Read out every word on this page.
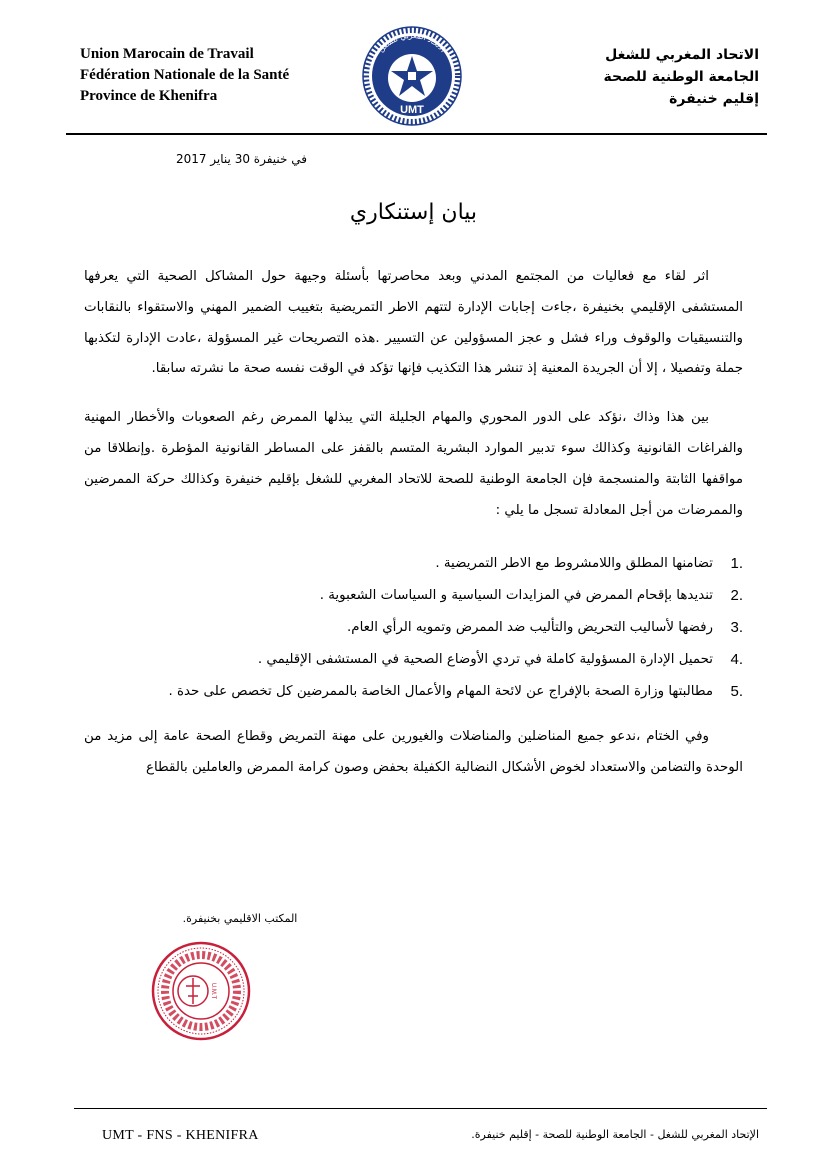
Union Marocain de Travail
Fédération Nationale de la Santé
Province de Khenifra
الاتحاد المغربي للشغل
UMT
الاتحاد المغربي للشغل
الجامعة الوطنية للصحة
إقليم خنيفرة
في خنيفرة 30 يناير 2017
بيان إستنكاري

اثر لقاء مع فعاليات من المجتمع المدني وبعد محاصرتها بأسئلة وجيهة حول المشاكل الصحية التي يعرفها المستشفى الإقليمي بخنيفرة ،جاءت إجابات الإدارة لتتهم الاطر التمريضية بتغييب الضمير المهني والاستقواء بالنقابات والتنسيقيات والوقوف وراء فشل و عجز المسؤولين عن التسيير .هذه التصريحات غير المسؤولة ،عادت الإدارة لتكذبها جملة وتفصيلا ، إلا أن الجريدة المعنية إذ تنشر هذا التكذيب فإنها تؤكد في الوقت نفسه صحة ما نشرته سابقا.

بين هذا وذاك ،نؤكد على الدور المحوري والمهام الجليلة التي يبذلها الممرض رغم الصعوبات والأخطار المهنية والفراغات القانونية وكذالك سوء تدبير الموارد البشرية المتسم بالقفز على المساطر القانونية المؤطرة .وإنطلاقا من مواقفها الثابتة والمنسجمة فإن الجامعة الوطنية للصحة للاتحاد المغربي للشغل بإقليم خنيفرة وكذالك حركة الممرضين والممرضات من أجل المعادلة تسجل ما يلي :

1.
تضامنها المطلق واللامشروط مع الاطر التمريضية .
2.
تنديدها بإقحام الممرض في المزايدات السياسية و السياسات الشعبوية .
3.
رفضها لأساليب التحريض والتأليب ضد الممرض وتمويه الرأي العام.
4.
تحميل الإدارة المسؤولية كاملة في تردي الأوضاع الصحية في المستشفى الإقليمي .
5.
مطالبتها وزارة الصحة بالإفراج عن لائحة المهام والأعمال الخاصة بالممرضين كل تخصص على حدة .

وفي الختام ،ندعو جميع المناضلين والمناضلات والغيورين على مهنة التمريض وقطاع الصحة عامة إلى مزيد من الوحدة والتضامن والاستعداد لخوض الأشكال النضالية الكفيلة بحفض وصون كرامة الممرض والعاملين بالقطاع

المكتب الاقليمي بخنيفرة.
U.M.T
UMT - FNS - KHENIFRA	الإتحاد المغربي للشغل - الجامعة الوطنية للصحة - إقليم خنيفرة.
